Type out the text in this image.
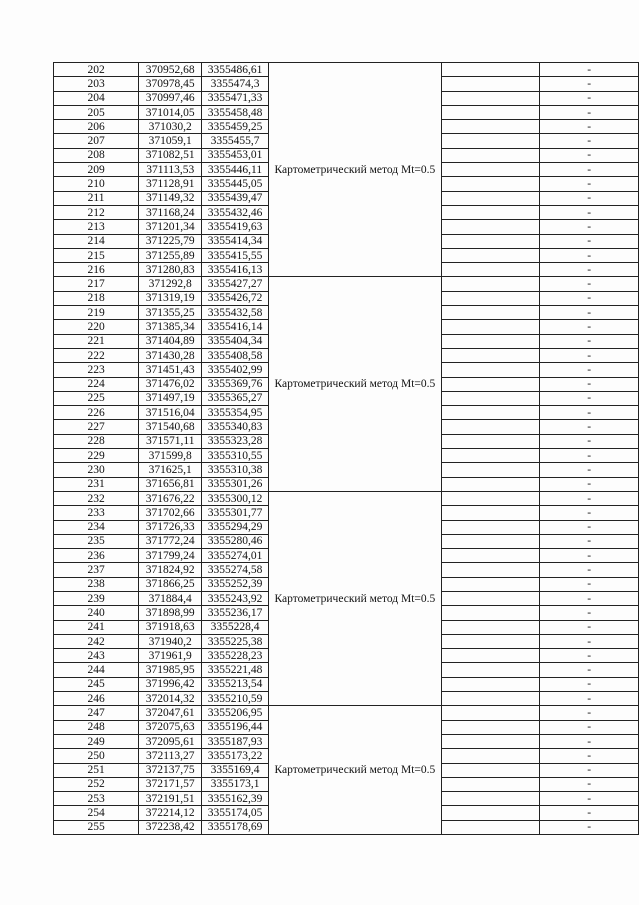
202	370952,68	3355486,61	Картометрический метод Mt=0.5		-
203	370978,45	3355474,3			-
204	370997,46	3355471,33			-
205	371014,05	3355458,48			-
206	371030,2	3355459,25			-
207	371059,1	3355455,7			-
208	371082,51	3355453,01			-
209	371113,53	3355446,11			-
210	371128,91	3355445,05			-
211	371149,32	3355439,47			-
212	371168,24	3355432,46			-
213	371201,34	3355419,63			-
214	371225,79	3355414,34			-
215	371255,89	3355415,55			-
216	371280,83	3355416,13			-
217	371292,8	3355427,27	Картометрический метод Mt=0.5		-
218	371319,19	3355426,72			-
219	371355,25	3355432,58			-
220	371385,34	3355416,14			-
221	371404,89	3355404,34			-
222	371430,28	3355408,58			-
223	371451,43	3355402,99			-
224	371476,02	3355369,76			-
225	371497,19	3355365,27			-
226	371516,04	3355354,95			-
227	371540,68	3355340,83			-
228	371571,11	3355323,28			-
229	371599,8	3355310,55			-
230	371625,1	3355310,38			-
231	371656,81	3355301,26			-
232	371676,22	3355300,12	Картометрический метод Mt=0.5		-
233	371702,66	3355301,77			-
234	371726,33	3355294,29			-
235	371772,24	3355280,46			-
236	371799,24	3355274,01			-
237	371824,92	3355274,58			-
238	371866,25	3355252,39			-
239	371884,4	3355243,92			-
240	371898,99	3355236,17			-
241	371918,63	3355228,4			-
242	371940,2	3355225,38			-
243	371961,9	3355228,23			-
244	371985,95	3355221,48			-
245	371996,42	3355213,54			-
246	372014,32	3355210,59			-
247	372047,61	3355206,95	Картометрический метод Mt=0.5		-
248	372075,63	3355196,44			-
249	372095,61	3355187,93			-
250	372113,27	3355173,22			-
251	372137,75	3355169,4			-
252	372171,57	3355173,1			-
253	372191,51	3355162,39			-
254	372214,12	3355174,05			-
255	372238,42	3355178,69			-
